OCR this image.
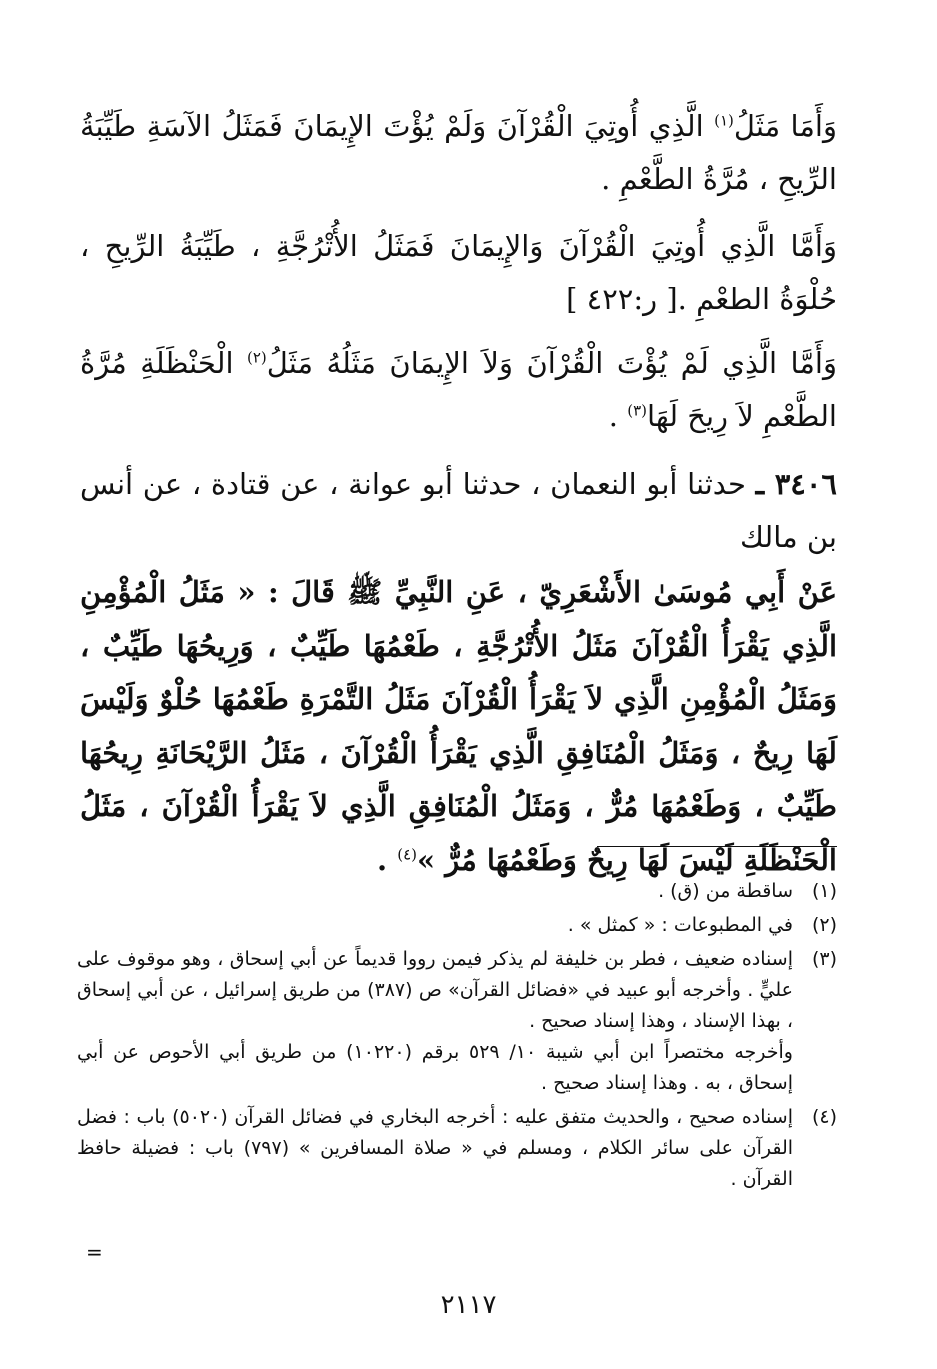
وَأَمَا مَثَلُ$^{(١)}$ الَّذِي أُوتِيَ الْقُرْآنَ وَلَمْ يُؤْتَ الإِيمَانَ فَمَثَلُ الآسَةِ طَيِّبَةُ الرِّيحِ ، مُرَّةُ الطَّعْمِ .

وَأَمَّا الَّذِي أُوتِيَ الْقُرْآنَ وَالإِيمَانَ فَمَثَلُ الأُتْرُجَّةِ ، طَيِّبَةُ الرِّيحِ ، حُلْوَةُ الطعْمِ .[ ر:٤٢٢ ]

وَأَمَّا الَّذِي لَمْ يُؤْتَ الْقُرْآنَ وَلاَ الإِيمَانَ مَثَلُهُ مَثَلُ$^{(٢)}$ الْحَنْظَلَةِ مُرَّةُ الطَّعْمِ لاَ رِيحَ لَهَا$^{(٣)}$ .

٣٤٠٦ ـ حدثنا أبو النعمان ، حدثنا أبو عوانة ، عن قتادة ، عن أنس بن مالك

عَنْ أَبِي مُوسَىٰ الأَشْعَرِيّ ، عَنِ النَّبِيِّ ﷺ قَالَ : « مَثَلُ الْمُؤْمِنِ الَّذِي يَقْرَأُ الْقُرْآنَ مَثَلُ الأُتْرُجَّةِ ، طَعْمُهَا طَيِّبٌ ، وَرِيحُهَا طَيِّبٌ ، وَمَثَلُ الْمُؤْمِنِ الَّذِي لاَ يَقْرَأُ الْقُرْآنَ مَثَلُ التَّمْرَةِ طَعْمُهَا حُلْوٌ وَلَيْسَ لَهَا رِيحٌ ، وَمَثَلُ الْمُنَافِقِ الَّذِي يَقْرَأُ الْقُرْآنَ ، مَثَلُ الرَّيْحَانَةِ رِيحُهَا طَيِّبٌ ، وَطَعْمُهَا مُرٌّ ، وَمَثَلُ الْمُنَافِقِ الَّذِي لاَ يَقْرَأُ الْقُرْآنَ ، مَثَلُ الْحَنْظَلَةِ لَيْسَ لَهَا رِيحٌ وَطَعْمُهَا مُرٌّ »$^{(٤)}$ .

(١)
ساقطة من (ق) .
(٢)
في المطبوعات : « كمثل » .
(٣)
إسناده ضعيف ، فطر بن خليفة لم يذكر فيمن رووا قديماً عن أبي إسحاق ، وهو موقوف على عليٍّ . وأخرجه أبو عبيد في «فضائل القرآن» ص (٣٨٧) من طريق إسرائيل ، عن أبي إسحاق ، بهذا الإسناد ، وهذا إسناد صحيح .
وأخرجه مختصراً ابن أبي شيبة ١٠/ ٥٢٩ برقم (١٠٢٢٠) من طريق أبي الأحوص عن أبي إسحاق ، به . وهذا إسناد صحيح .
(٤)
إسناده صحيح ، والحديث متفق عليه : أخرجه البخاري في فضائل القرآن (٥٠٢٠) باب : فضل القرآن على سائر الكلام ، ومسلم في « صلاة المسافرين » (٧٩٧) باب : فضيلة حافظ القرآن .
=
٢١١٧
